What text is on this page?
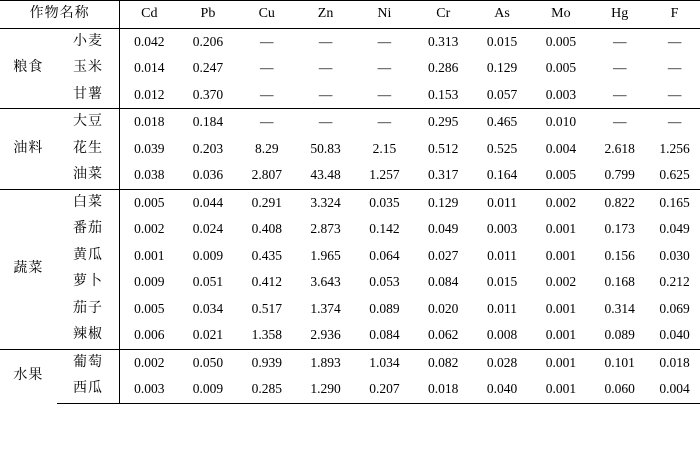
作物名称		Cd	Pb	Cu	Zn	Ni	Cr	As	Mo	Hg	F
粮食	小麦	0.042	0.206	—	—	—	0.313	0.015	0.005	—	—
	玉米	0.014	0.247	—	—	—	0.286	0.129	0.005	—	—
	甘薯	0.012	0.370	—	—	—	0.153	0.057	0.003	—	—
油料	大豆	0.018	0.184	—	—	—	0.295	0.465	0.010	—	—
	花生	0.039	0.203	8.29	50.83	2.15	0.512	0.525	0.004	2.618	1.256
	油菜	0.038	0.036	2.807	43.48	1.257	0.317	0.164	0.005	0.799	0.625
蔬菜	白菜	0.005	0.044	0.291	3.324	0.035	0.129	0.011	0.002	0.822	0.165
	番茄	0.002	0.024	0.408	2.873	0.142	0.049	0.003	0.001	0.173	0.049
	黄瓜	0.001	0.009	0.435	1.965	0.064	0.027	0.011	0.001	0.156	0.030
	萝卜	0.009	0.051	0.412	3.643	0.053	0.084	0.015	0.002	0.168	0.212
	茄子	0.005	0.034	0.517	1.374	0.089	0.020	0.011	0.001	0.314	0.069
	辣椒	0.006	0.021	1.358	2.936	0.084	0.062	0.008	0.001	0.089	0.040
水果	葡萄	0.002	0.050	0.939	1.893	1.034	0.082	0.028	0.001	0.101	0.018
	西瓜	0.003	0.009	0.285	1.290	0.207	0.018	0.040	0.001	0.060	0.004
